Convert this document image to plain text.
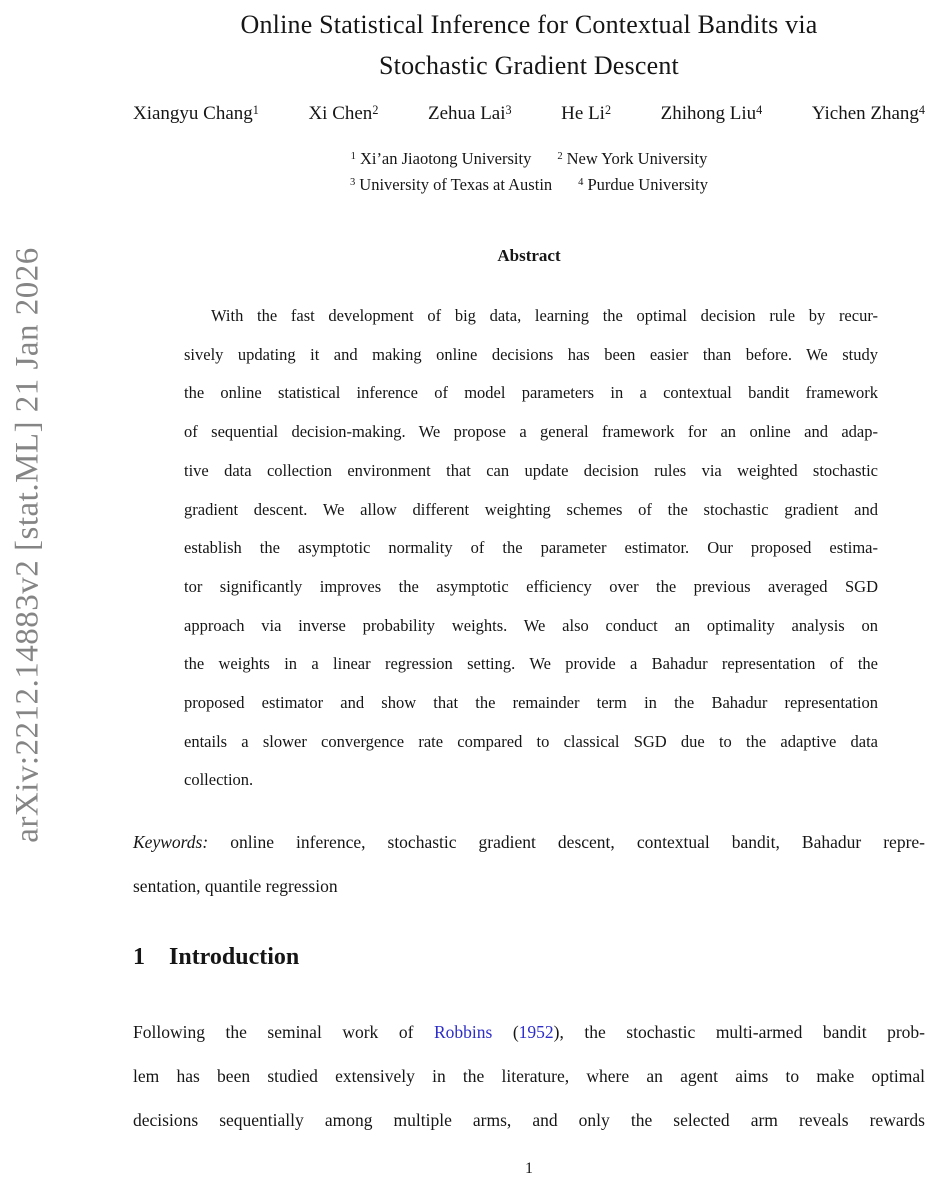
arXiv:2212.14883v2 [stat.ML] 21 Jan 2026
Online Statistical Inference for Contextual Bandits via
Stochastic Gradient Descent
Xiangyu Chang$^1$	Xi Chen$^2$	Zehua Lai$^3$	He Li$^2$	Zhihong Liu$^4$	Yichen Zhang$^4$
$^1$ Xi’an Jiaotong University $^2$ New York University
$^3$ University of Texas at Austin $^4$ Purdue University
Abstract
With the fast development of big data, learning the optimal decision rule by recur-
sively updating it and making online decisions has been easier than before. We study
the online statistical inference of model parameters in a contextual bandit framework
of sequential decision-making. We propose a general framework for an online and adap-
tive data collection environment that can update decision rules via weighted stochastic
gradient descent. We allow different weighting schemes of the stochastic gradient and
establish the asymptotic normality of the parameter estimator. Our proposed estima-
tor significantly improves the asymptotic efficiency over the previous averaged SGD
approach via inverse probability weights. We also conduct an optimality analysis on
the weights in a linear regression setting. We provide a Bahadur representation of the
proposed estimator and show that the remainder term in the Bahadur representation
entails a slower convergence rate compared to classical SGD due to the adaptive data
collection.
Keywords: online inference, stochastic gradient descent, contextual bandit, Bahadur repre-
sentation, quantile regression
1 Introduction
Following the seminal work of Robbins (1952), the stochastic multi-armed bandit prob-
lem has been studied extensively in the literature, where an agent aims to make optimal
decisions sequentially among multiple arms, and only the selected arm reveals rewards
1
